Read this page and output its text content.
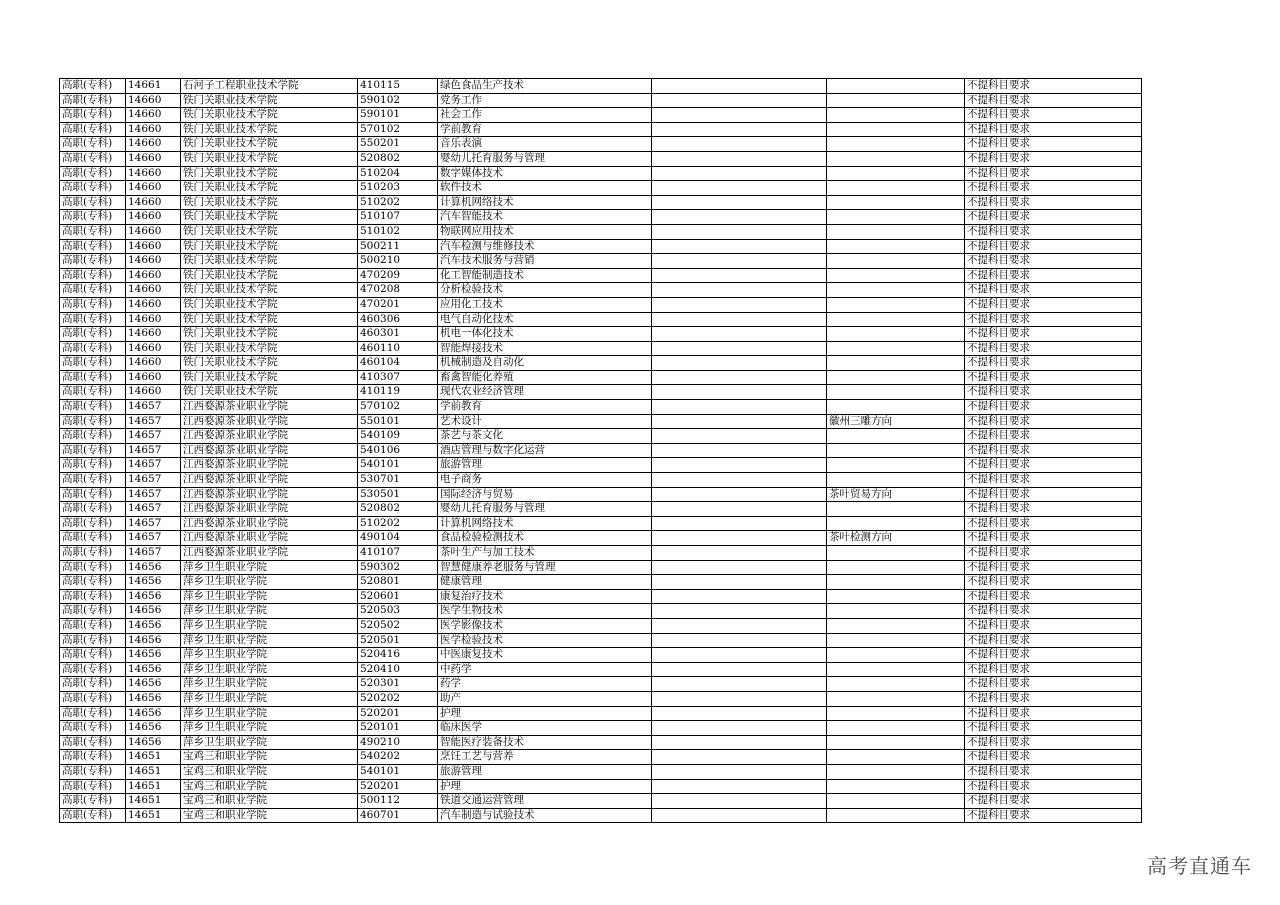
高职(专科)	14661	石河子工程职业技术学院	410115	绿色食品生产技术			不提科目要求
高职(专科)	14660	铁门关职业技术学院	590102	党务工作			不提科目要求
高职(专科)	14660	铁门关职业技术学院	590101	社会工作			不提科目要求
高职(专科)	14660	铁门关职业技术学院	570102	学前教育			不提科目要求
高职(专科)	14660	铁门关职业技术学院	550201	音乐表演			不提科目要求
高职(专科)	14660	铁门关职业技术学院	520802	婴幼儿托育服务与管理			不提科目要求
高职(专科)	14660	铁门关职业技术学院	510204	数字媒体技术			不提科目要求
高职(专科)	14660	铁门关职业技术学院	510203	软件技术			不提科目要求
高职(专科)	14660	铁门关职业技术学院	510202	计算机网络技术			不提科目要求
高职(专科)	14660	铁门关职业技术学院	510107	汽车智能技术			不提科目要求
高职(专科)	14660	铁门关职业技术学院	510102	物联网应用技术			不提科目要求
高职(专科)	14660	铁门关职业技术学院	500211	汽车检测与维修技术			不提科目要求
高职(专科)	14660	铁门关职业技术学院	500210	汽车技术服务与营销			不提科目要求
高职(专科)	14660	铁门关职业技术学院	470209	化工智能制造技术			不提科目要求
高职(专科)	14660	铁门关职业技术学院	470208	分析检验技术			不提科目要求
高职(专科)	14660	铁门关职业技术学院	470201	应用化工技术			不提科目要求
高职(专科)	14660	铁门关职业技术学院	460306	电气自动化技术			不提科目要求
高职(专科)	14660	铁门关职业技术学院	460301	机电一体化技术			不提科目要求
高职(专科)	14660	铁门关职业技术学院	460110	智能焊接技术			不提科目要求
高职(专科)	14660	铁门关职业技术学院	460104	机械制造及自动化			不提科目要求
高职(专科)	14660	铁门关职业技术学院	410307	畜禽智能化养殖			不提科目要求
高职(专科)	14660	铁门关职业技术学院	410119	现代农业经济管理			不提科目要求
高职(专科)	14657	江西婺源茶业职业学院	570102	学前教育			不提科目要求
高职(专科)	14657	江西婺源茶业职业学院	550101	艺术设计		徽州三雕方向	不提科目要求
高职(专科)	14657	江西婺源茶业职业学院	540109	茶艺与茶文化			不提科目要求
高职(专科)	14657	江西婺源茶业职业学院	540106	酒店管理与数字化运营			不提科目要求
高职(专科)	14657	江西婺源茶业职业学院	540101	旅游管理			不提科目要求
高职(专科)	14657	江西婺源茶业职业学院	530701	电子商务			不提科目要求
高职(专科)	14657	江西婺源茶业职业学院	530501	国际经济与贸易		茶叶贸易方向	不提科目要求
高职(专科)	14657	江西婺源茶业职业学院	520802	婴幼儿托育服务与管理			不提科目要求
高职(专科)	14657	江西婺源茶业职业学院	510202	计算机网络技术			不提科目要求
高职(专科)	14657	江西婺源茶业职业学院	490104	食品检验检测技术		茶叶检测方向	不提科目要求
高职(专科)	14657	江西婺源茶业职业学院	410107	茶叶生产与加工技术			不提科目要求
高职(专科)	14656	萍乡卫生职业学院	590302	智慧健康养老服务与管理			不提科目要求
高职(专科)	14656	萍乡卫生职业学院	520801	健康管理			不提科目要求
高职(专科)	14656	萍乡卫生职业学院	520601	康复治疗技术			不提科目要求
高职(专科)	14656	萍乡卫生职业学院	520503	医学生物技术			不提科目要求
高职(专科)	14656	萍乡卫生职业学院	520502	医学影像技术			不提科目要求
高职(专科)	14656	萍乡卫生职业学院	520501	医学检验技术			不提科目要求
高职(专科)	14656	萍乡卫生职业学院	520416	中医康复技术			不提科目要求
高职(专科)	14656	萍乡卫生职业学院	520410	中药学			不提科目要求
高职(专科)	14656	萍乡卫生职业学院	520301	药学			不提科目要求
高职(专科)	14656	萍乡卫生职业学院	520202	助产			不提科目要求
高职(专科)	14656	萍乡卫生职业学院	520201	护理			不提科目要求
高职(专科)	14656	萍乡卫生职业学院	520101	临床医学			不提科目要求
高职(专科)	14656	萍乡卫生职业学院	490210	智能医疗装备技术			不提科目要求
高职(专科)	14651	宝鸡三和职业学院	540202	烹饪工艺与营养			不提科目要求
高职(专科)	14651	宝鸡三和职业学院	540101	旅游管理			不提科目要求
高职(专科)	14651	宝鸡三和职业学院	520201	护理			不提科目要求
高职(专科)	14651	宝鸡三和职业学院	500112	铁道交通运营管理			不提科目要求
高职(专科)	14651	宝鸡三和职业学院	460701	汽车制造与试验技术			不提科目要求
高考直通车
